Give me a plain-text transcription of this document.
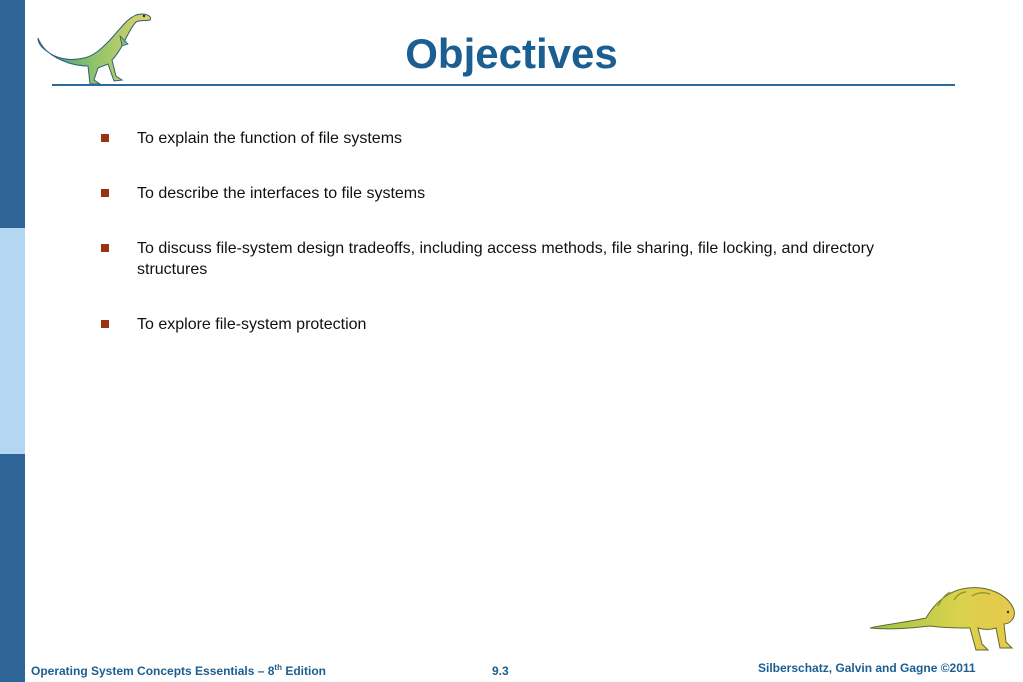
Objectives
To explain the function of file systems
To describe the interfaces to file systems
To discuss file-system design tradeoffs, including access methods, file sharing, file locking, and directory structures
To explore file-system protection
Operating System Concepts Essentials – 8th Edition	9.3	Silberschatz, Galvin and Gagne ©2011
